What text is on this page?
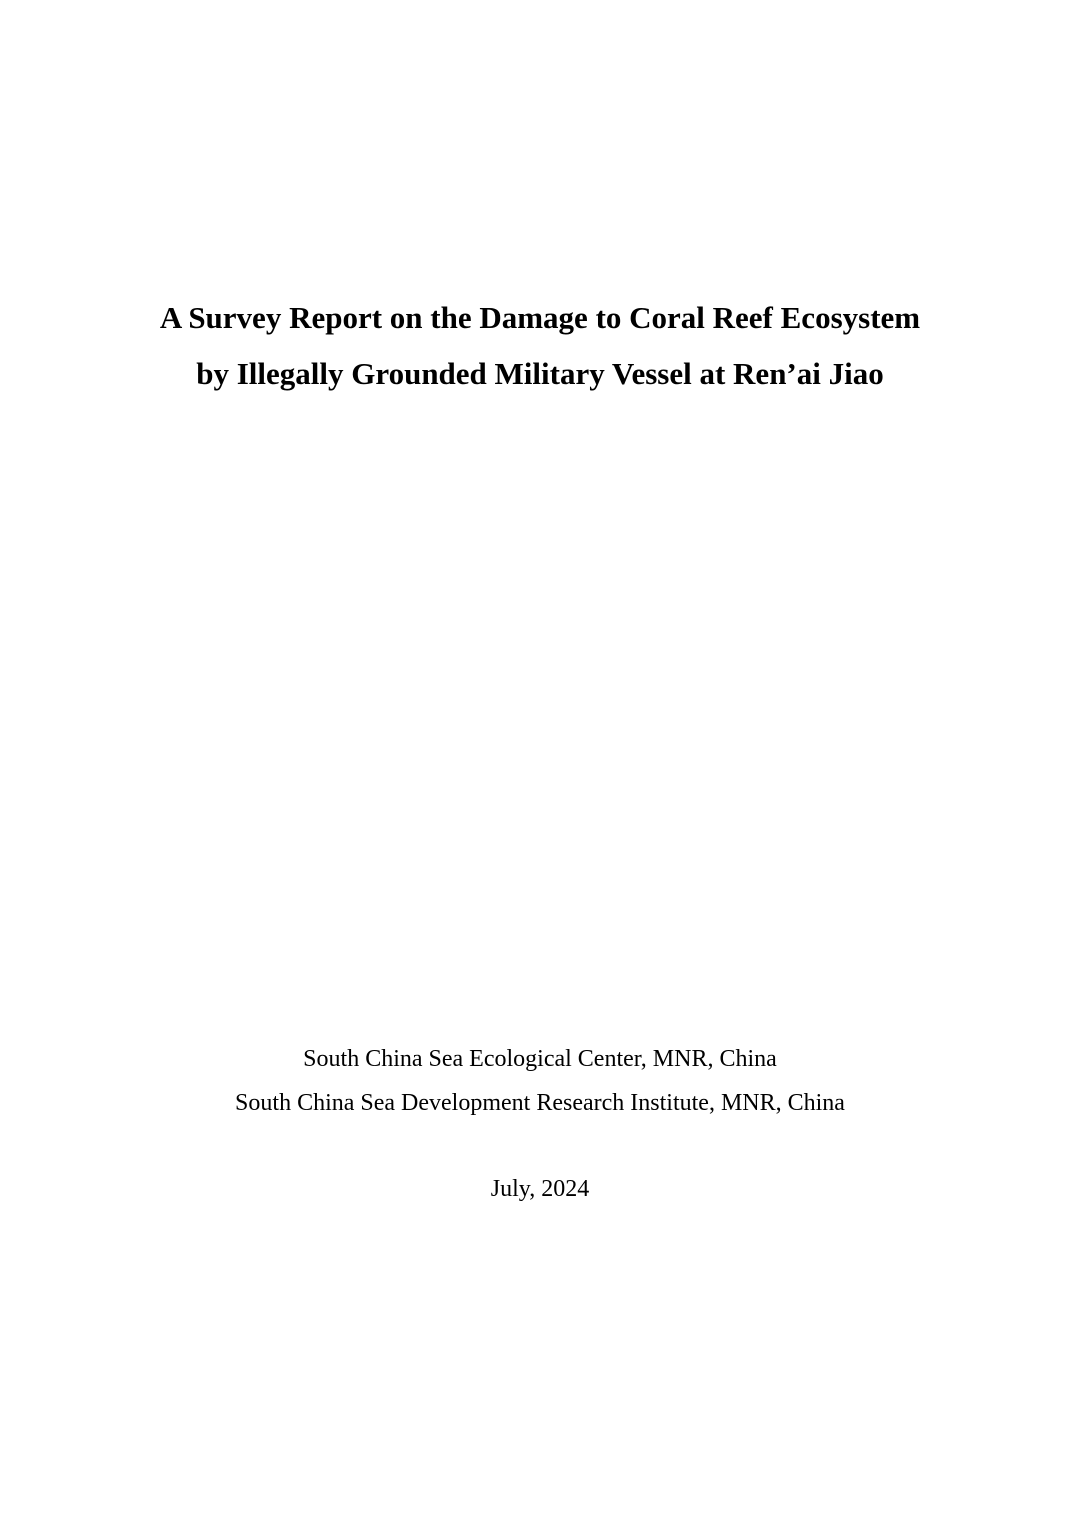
A Survey Report on the Damage to Coral Reef Ecosystem
by Illegally Grounded Military Vessel at Ren’ai Jiao
South China Sea Ecological Center, MNR, China
South China Sea Development Research Institute, MNR, China
July, 2024
